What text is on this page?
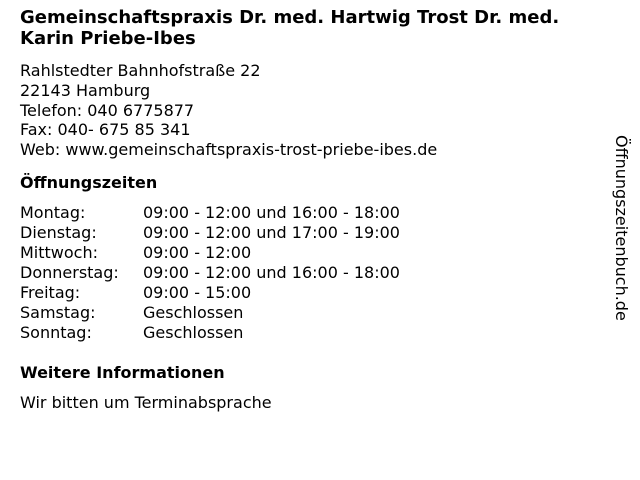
Gemeinschaftspraxis Dr. med. Hartwig Trost Dr. med. Karin Priebe-Ibes
Rahlstedter Bahnhofstraße 22
22143 Hamburg
Telefon: 040 6775877
Fax: 040- 675 85 341
Web: www.gemeinschaftspraxis-trost-priebe-ibes.de
Öffnungszeiten
Montag:	09:00 - 12:00 und 16:00 - 18:00
Dienstag:	09:00 - 12:00 und 17:00 - 19:00
Mittwoch:	09:00 - 12:00
Donnerstag:	09:00 - 12:00 und 16:00 - 18:00
Freitag:	09:00 - 15:00
Samstag:	Geschlossen
Sonntag:	Geschlossen
Weitere Informationen
Wir bitten um Terminabsprache
Öffnungszeitenbuch.de
